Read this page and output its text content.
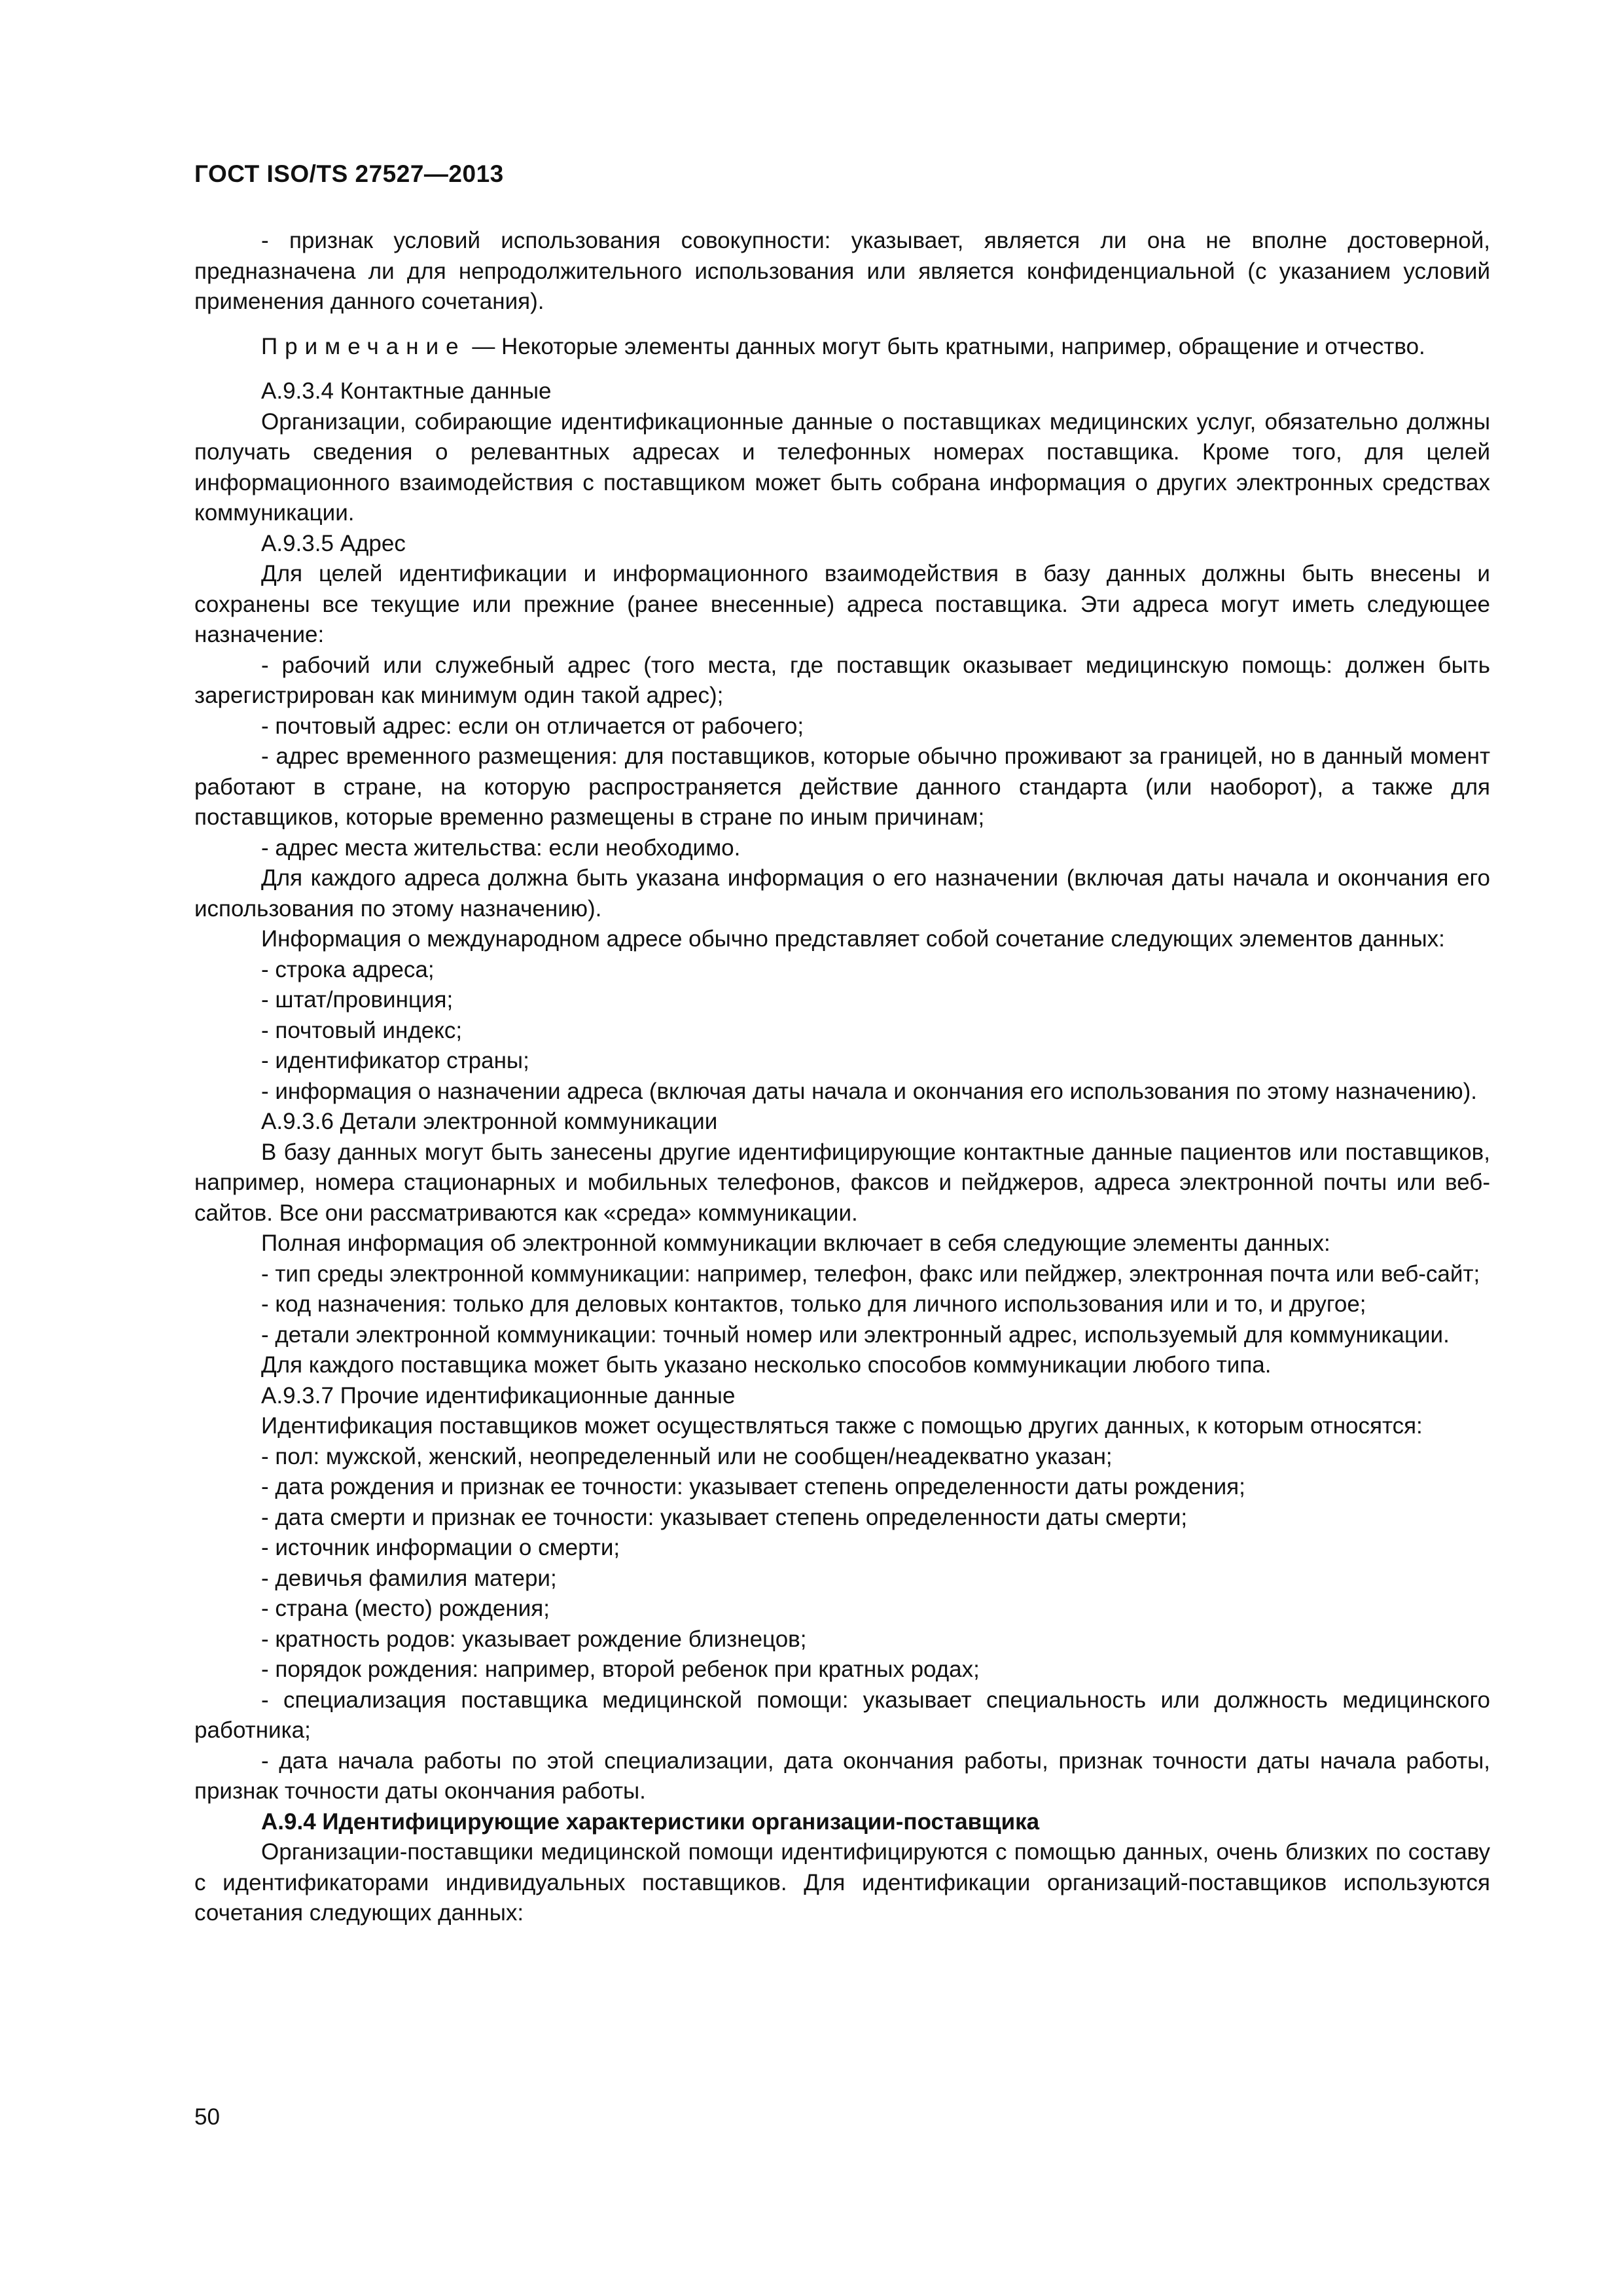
ГОСТ ISO/TS 27527—2013

- признак условий использования совокупности: указывает, является ли она не вполне достоверной, предназначена ли для непродолжительного использования или является конфиденциальной (с указанием условий применения данного сочетания).

Примечание — Некоторые элементы данных могут быть кратными, например, обращение и отчество.

А.9.3.4 Контактные данные

Организации, собирающие идентификационные данные о поставщиках медицинских услуг, обязательно должны получать сведения о релевантных адресах и телефонных номерах поставщика. Кроме того, для целей информационного взаимодействия с поставщиком может быть собрана информация о других электронных средствах коммуникации.

А.9.3.5 Адрес

Для целей идентификации и информационного взаимодействия в базу данных должны быть внесены и сохранены все текущие или прежние (ранее внесенные) адреса поставщика. Эти адреса могут иметь следующее назначение:

- рабочий или служебный адрес (того места, где поставщик оказывает медицинскую помощь: должен быть зарегистрирован как минимум один такой адрес);

- почтовый адрес: если он отличается от рабочего;

- адрес временного размещения: для поставщиков, которые обычно проживают за границей, но в данный момент работают в стране, на которую распространяется действие данного стандарта (или наоборот), а также для поставщиков, которые временно размещены в стране по иным причинам;

- адрес места жительства: если необходимо.

Для каждого адреса должна быть указана информация о его назначении (включая даты начала и окончания его использования по этому назначению).

Информация о международном адресе обычно представляет собой сочетание следующих элементов данных:

- строка адреса;

- штат/провинция;

- почтовый индекс;

- идентификатор страны;

- информация о назначении адреса (включая даты начала и окончания его использования по этому назначению).

А.9.3.6 Детали электронной коммуникации

В базу данных могут быть занесены другие идентифицирующие контактные данные пациентов или поставщиков, например, номера стационарных и мобильных телефонов, факсов и пейджеров, адреса электронной почты или веб-сайтов. Все они рассматриваются как «среда» коммуникации.

Полная информация об электронной коммуникации включает в себя следующие элементы данных:

- тип среды электронной коммуникации: например, телефон, факс или пейджер, электронная почта или веб-сайт;

- код назначения: только для деловых контактов, только для личного использования или и то, и другое;

- детали электронной коммуникации: точный номер или электронный адрес, используемый для коммуникации.

Для каждого поставщика может быть указано несколько способов коммуникации любого типа.

А.9.3.7 Прочие идентификационные данные

Идентификация поставщиков может осуществляться также с помощью других данных, к которым относятся:

- пол: мужской, женский, неопределенный или не сообщен/неадекватно указан;

- дата рождения и признак ее точности: указывает степень определенности даты рождения;

- дата смерти и признак ее точности: указывает степень определенности даты смерти;

- источник информации о смерти;

- девичья фамилия матери;

- страна (место) рождения;

- кратность родов: указывает рождение близнецов;

- порядок рождения: например, второй ребенок при кратных родах;

- специализация поставщика медицинской помощи: указывает специальность или должность медицинского работника;

- дата начала работы по этой специализации, дата окончания работы, признак точности даты начала работы, признак точности даты окончания работы.

А.9.4 Идентифицирующие характеристики организации-поставщика

Организации-поставщики медицинской помощи идентифицируются с помощью данных, очень близких по составу с идентификаторами индивидуальных поставщиков. Для идентификации организаций-поставщиков используются сочетания следующих данных:

50
